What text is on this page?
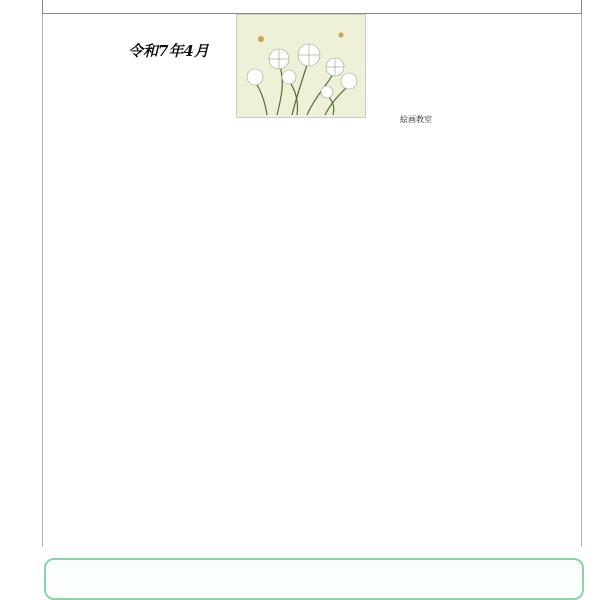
令和7年4月
絵画教室
